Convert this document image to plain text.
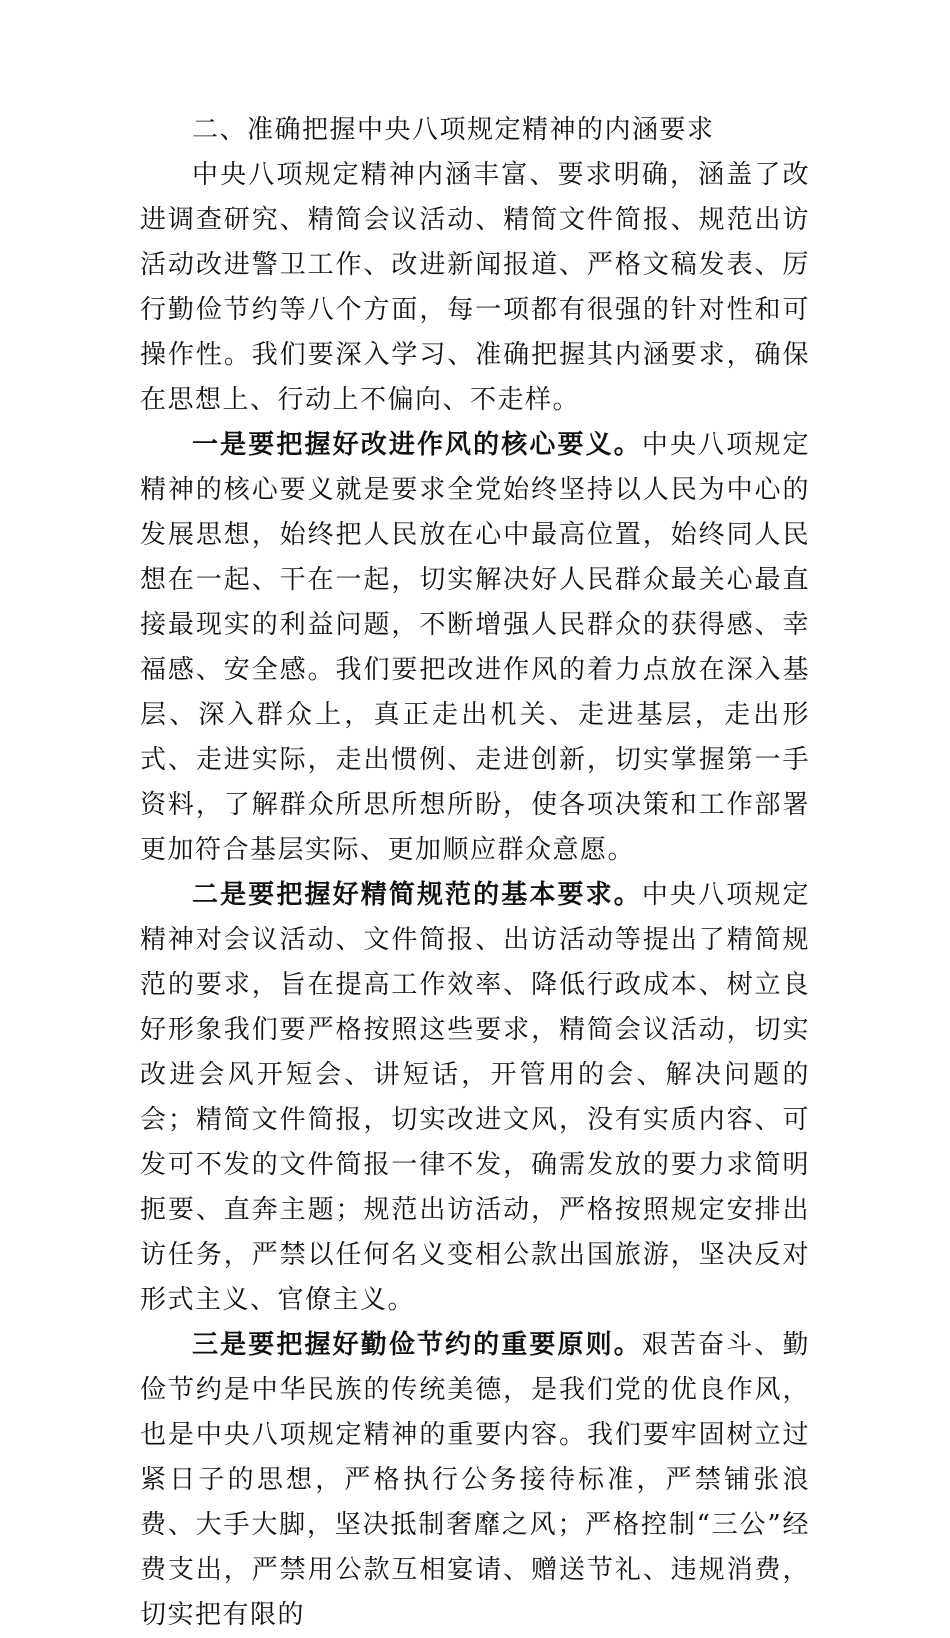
二、准确把握中央八项规定精神的内涵要求

中央八项规定精神内涵丰富、要求明确，涵盖了改进调查研究、精简会议活动、精简文件简报、规范出访活动改进警卫工作、改进新闻报道、严格文稿发表、厉行勤俭节约等八个方面，每一项都有很强的针对性和可操作性。我们要深入学习、准确把握其内涵要求，确保在思想上、行动上不偏向、不走样。

一是要把握好改进作风的核心要义。中央八项规定精神的核心要义就是要求全党始终坚持以人民为中心的发展思想，始终把人民放在心中最高位置，始终同人民想在一起、干在一起，切实解决好人民群众最关心最直接最现实的利益问题，不断增强人民群众的获得感、幸福感、安全感。我们要把改进作风的着力点放在深入基层、深入群众上，真正走出机关、走进基层，走出形式、走进实际，走出惯例、走进创新，切实掌握第一手资料，了解群众所思所想所盼，使各项决策和工作部署更加符合基层实际、更加顺应群众意愿。

二是要把握好精简规范的基本要求。中央八项规定精神对会议活动、文件简报、出访活动等提出了精简规范的要求，旨在提高工作效率、降低行政成本、树立良好形象我们要严格按照这些要求，精简会议活动，切实改进会风开短会、讲短话，开管用的会、解决问题的会；精简文件简报，切实改进文风，没有实质内容、可发可不发的文件简报一律不发，确需发放的要力求简明扼要、直奔主题；规范出访活动，严格按照规定安排出访任务，严禁以任何名义变相公款出国旅游，坚决反对形式主义、官僚主义。

三是要把握好勤俭节约的重要原则。艰苦奋斗、勤俭节约是中华民族的传统美德，是我们党的优良作风，也是中央八项规定精神的重要内容。我们要牢固树立过紧日子的思想，严格执行公务接待标准，严禁铺张浪费、大手大脚，坚决抵制奢靡之风；严格控制“三公”经费支出，严禁用公款互相宴请、赠送节礼、违规消费，切实把有限的
